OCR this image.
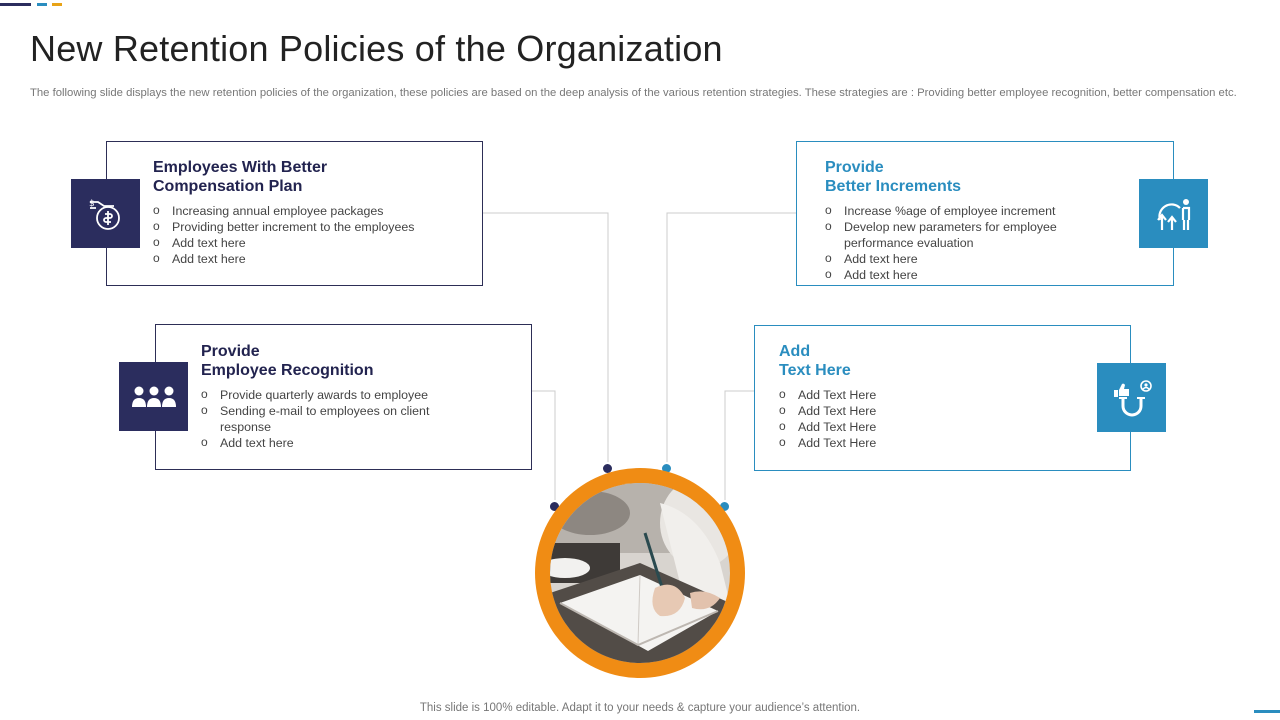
New Retention Policies of the Organization

The following slide displays the new retention policies of the organization, these policies are based on the deep analysis of the various retention strategies. These strategies are : Providing better employee recognition, better compensation etc.

Employees With Better
Compensation Plan
o Increasing annual employee packages
o Providing better increment to the employees
o Add text here
o Add text here
$
Provide
Employee Recognition
o Provide quarterly awards to employee
o Sending e-mail to employees on client
response
o Add text here
Provide
Better Increments
o Increase %age of employee increment
o Develop new parameters for employee
performance evaluation
o Add text here
o Add text here
Add
Text Here
o Add Text Here
o Add Text Here
o Add Text Here
o Add Text Here

This slide is 100% editable. Adapt it to your needs & capture your audience’s attention.
